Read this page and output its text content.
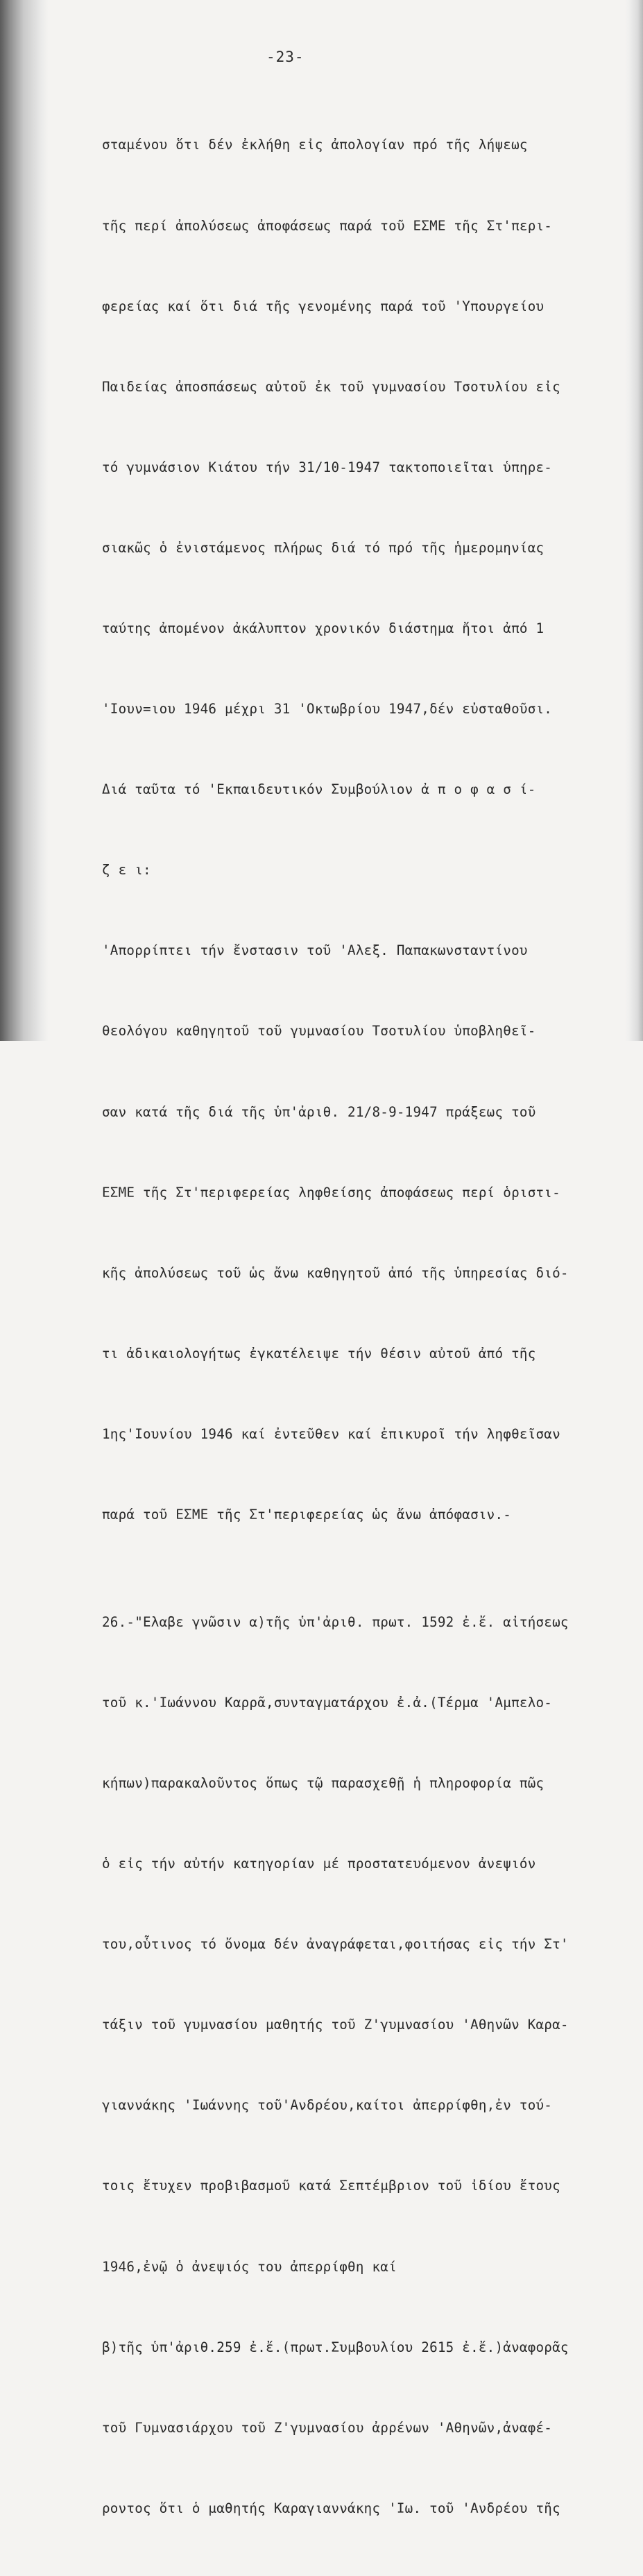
-23-

σταμένου ὅτι δέν ἐκλήθη εἰς ἀπολογίαν πρό τῆς λήψεως

τῆς περί ἀπολύσεως ἀποφάσεως παρά τοῦ ΕΣΜΕ τῆς Στ'περι-

φερείας καί ὅτι διά τῆς γενομένης παρά τοῦ 'Υπουργείου

Παιδείας ἀποσπάσεως αὐτοῦ ἐκ τοῦ γυμνασίου Τσοτυλίου εἰς

τό γυμνάσιον Κιάτου τήν 31/10-1947 τακτοποιεῖται ὑπηρε-

σιακῶς ὁ ἐνιστάμενος πλήρως διά τό πρό τῆς ἡμερομηνίας

ταύτης ἀπομένον ἀκάλυπτον χρονικόν διάστημα ἤτοι ἀπό 1

'Ιουν=ιου 1946 μέχρι 31 'Οκτωβρίου 1947,δέν εὐσταθοῦσι.

Διά ταῦτα τό 'Εκπαιδευτικόν Συμβούλιον ἀ π ο φ α σ ί-

ζ ε ι:

'Απορρίπτει τήν ἔνστασιν τοῦ 'Αλεξ. Παπακωνσταντίνου

θεολόγου καθηγητοῦ τοῦ γυμνασίου Τσοτυλίου ὑποβληθεῖ-

σαν κατά τῆς διά τῆς ὑπ'ἀριθ. 21/8-9-1947 πράξεως τοῦ

ΕΣΜΕ τῆς Στ'περιφερείας ληφθείσης ἀποφάσεως περί ὁριστι-

κῆς ἀπολύσεως τοῦ ὡς ἄνω καθηγητοῦ ἀπό τῆς ὑπηρεσίας διό-

τι ἀδικαιολογήτως ἐγκατέλειψε τήν θέσιν αὐτοῦ ἀπό τῆς

1ης'Ιουνίου 1946 καί ἐντεῦθεν καί ἐπικυροῖ τήν ληφθεῖσαν

παρά τοῦ ΕΣΜΕ τῆς Στ'περιφερείας ὡς ἄνω ἀπόφασιν.-

26.-"Ελαβε γνῶσιν α)τῆς ὑπ'ἀριθ. πρωτ. 1592 ἐ.ἔ. αἰτήσεως

τοῦ κ.'Ιωάννου Καρρᾶ,συνταγματάρχου ἐ.ἀ.(Τέρμα 'Αμπελο-

κήπων)παρακαλοῦντος ὅπως τῷ παρασχεθῇ ἡ πληροφορία πῶς

ὁ εἰς τήν αὐτήν κατηγορίαν μέ προστατευόμενον ἀνεψιόν

του,οὗτινος τό ὄνομα δέν ἀναγράφεται,φοιτήσας εἰς τήν Στ'

τάξιν τοῦ γυμνασίου μαθητής τοῦ Ζ'γυμνασίου 'Αθηνῶν Καρα-

γιαννάκης 'Ιωάννης τοῦ'Ανδρέου,καίτοι ἀπερρίφθη,ἐν τού-

τοις ἔτυχεν προβιβασμοῦ κατά Σεπτέμβριον τοῦ ἰδίου ἔτους

1946,ἐνῷ ὁ ἀνεψιός του ἀπερρίφθη καί

β)τῆς ὑπ'ἀριθ.259 ἐ.ἔ.(πρωτ.Συμβουλίου 2615 ἐ.ἔ.)ἀναφορᾶς

τοῦ Γυμνασιάρχου τοῦ Ζ'γυμνασίου ἀρρένων 'Αθηνῶν,ἀναφέ-

ροντος ὅτι ὁ μαθητής Καραγιαννάκης 'Ιω. τοῦ 'Ανδρέου τῆς
